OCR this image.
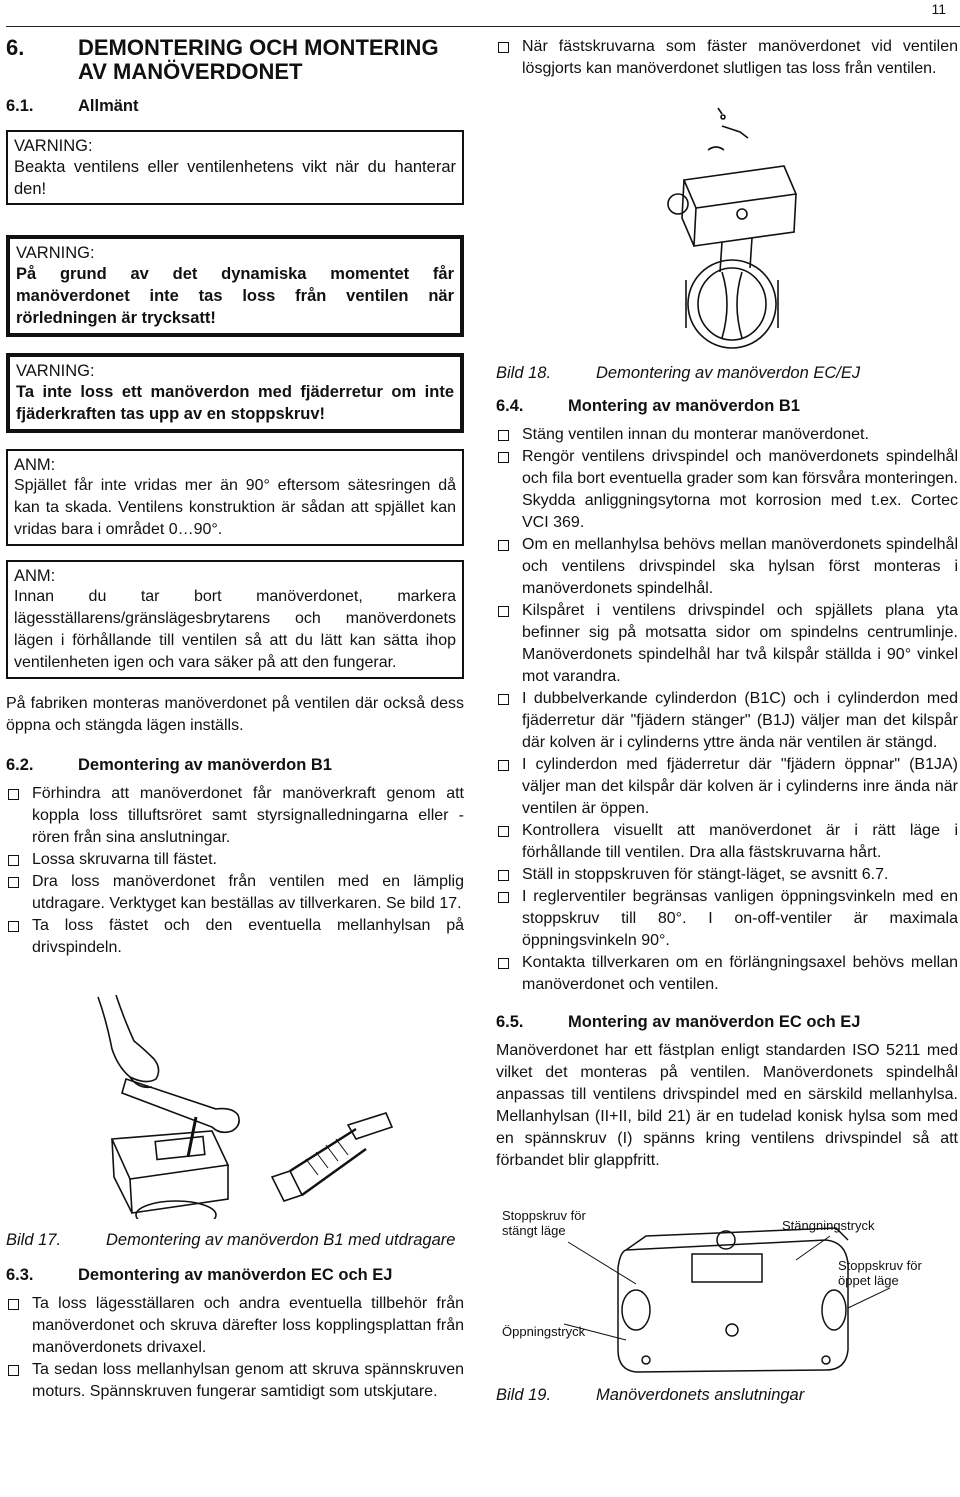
11
6.	DEMONTERING OCH MONTERING
AV MANÖVERDONET
6.1.	Allmänt
VARNING:
Beakta ventilens eller ventilenhetens vikt när du hanterar den!
VARNING:
På grund av det dynamiska momentet får manöverdonet inte tas loss från ventilen när rörledningen är trycksatt!
VARNING:
Ta inte loss ett manöverdon med fjäderretur om inte fjäderkraften tas upp av en stoppskruv!
ANM:
Spjället får inte vridas mer än 90° eftersom sätesringen då kan ta skada. Ventilens konstruktion är sådan att spjället kan vridas bara i området 0…90°.
ANM:
Innan du tar bort manöverdonet, markera lägesställarens/gränslägesbrytarens och manöverdonets lägen i förhållande till ventilen så att du lätt kan sätta ihop ventilenheten igen och vara säker på att den fungerar.

På fabriken monteras manöverdonet på ventilen där också dess öppna och stängda lägen inställs.

6.2.	Demontering av manöverdon B1
Förhindra att manöverdonet får manöverkraft genom att koppla loss tilluftsröret samt styrsignalledningarna eller -rören från sina anslutningar.
Lossa skruvarna till fästet.
Dra loss manöverdonet från ventilen med en lämplig utdragare. Verktyget kan beställas av tillverkaren. Se bild 17.
Ta loss fästet och den eventuella mellanhylsan på drivspindeln.
Bild 17.	Demontering av manöverdon B1 med utdragare
6.3.	Demontering av manöverdon EC och EJ
Ta loss lägesställaren och andra eventuella tillbehör från manöverdonet och skruva därefter loss kopplingsplattan från manöverdonets drivaxel.
Ta sedan loss mellanhylsan genom att skruva spännskruven moturs. Spännskruven fungerar samtidigt som utskjutare.
När fästskruvarna som fäster manöverdonet vid ventilen lösgjorts kan manöverdonet slutligen tas loss från ventilen.
Bild 18.	Demontering av manöverdon EC/EJ
6.4.	Montering av manöverdon B1
Stäng ventilen innan du monterar manöverdonet.
Rengör ventilens drivspindel och manöverdonets spindelhål och fila bort eventuella grader som kan försvåra monteringen. Skydda anliggningsytorna mot korrosion med t.ex. Cortec VCI 369.
Om en mellanhylsa behövs mellan manöverdonets spindelhål och ventilens drivspindel ska hylsan först monteras i manöverdonets spindelhål.
Kilspåret i ventilens drivspindel och spjällets plana yta befinner sig på motsatta sidor om spindelns centrumlinje. Manöverdonets spindelhål har två kilspår ställda i 90° vinkel mot varandra.
I dubbelverkande cylinderdon (B1C) och i cylinderdon med fjäderretur där "fjädern stänger" (B1J) väljer man det kilspår där kolven är i cylinderns yttre ända när ventilen är stängd.
I cylinderdon med fjäderretur där "fjädern öppnar" (B1JA) väljer man det kilspår där kolven är i cylinderns inre ända när ventilen är öppen.
Kontrollera visuellt att manöverdonet är i rätt läge i förhållande till ventilen. Dra alla fästskruvarna hårt.
Ställ in stoppskruven för stängt-läget, se avsnitt 6.7.
I reglerventiler begränsas vanligen öppningsvinkeln med en stoppskruv till 80°. I on-off-ventiler är maximala öppningsvinkeln 90°.
Kontakta tillverkaren om en förlängningsaxel behövs mellan manöverdonet och ventilen.
6.5.	Montering av manöverdon EC och EJ

Manöverdonet har ett fästplan enligt standarden ISO 5211 med vilket det monteras på ventilen. Manöverdonets spindelhål anpassas till ventilens drivspindel med en särskild mellanhylsa. Mellanhylsan (II+II, bild 21) är en tudelad konisk hylsa som med en spännskruv (I) spänns kring ventilens drivspindel så att förbandet blir glappfritt.

Stoppskruv för
stängt läge	Stängningstryck
Stoppskruv för
öppet läge
Öppningstryck
Bild 19.	Manöverdonets anslutningar
